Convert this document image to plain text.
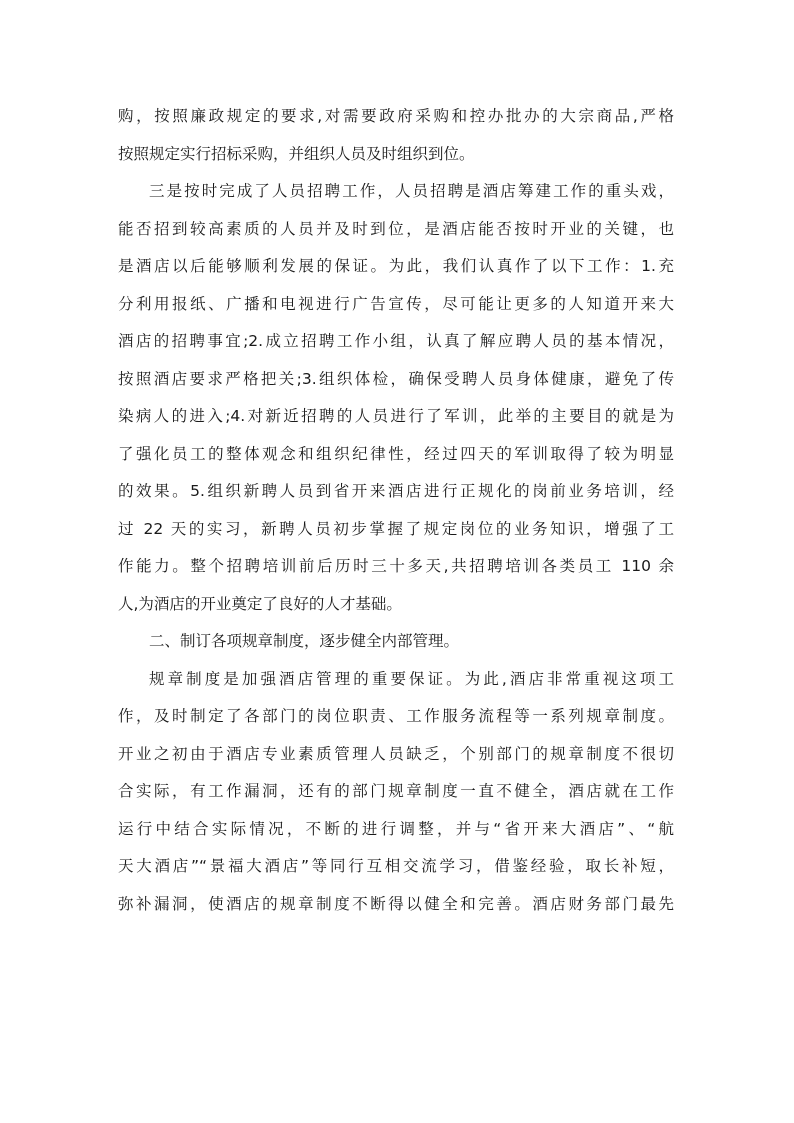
购，按照廉政规定的要求,对需要政府采购和控办批办的大宗商品,严格
按照规定实行招标采购，并组织人员及时组织到位。
三是按时完成了人员招聘工作，人员招聘是酒店筹建工作的重头戏，
能否招到较高素质的人员并及时到位，是酒店能否按时开业的关键，也
是酒店以后能够顺利发展的保证。为此，我们认真作了以下工作：1.充
分利用报纸、广播和电视进行广告宣传，尽可能让更多的人知道开来大
酒店的招聘事宜;2.成立招聘工作小组，认真了解应聘人员的基本情况，
按照酒店要求严格把关;3.组织体检，确保受聘人员身体健康，避免了传
染病人的进入;4.对新近招聘的人员进行了军训，此举的主要目的就是为
了强化员工的整体观念和组织纪律性，经过四天的军训取得了较为明显
的效果。5.组织新聘人员到省开来酒店进行正规化的岗前业务培训，经
过 22 天的实习，新聘人员初步掌握了规定岗位的业务知识，增强了工
作能力。整个招聘培训前后历时三十多天,共招聘培训各类员工 110 余
人,为酒店的开业奠定了良好的人才基础。
二、制订各项规章制度，逐步健全内部管理。
规章制度是加强酒店管理的重要保证。为此,酒店非常重视这项工
作，及时制定了各部门的岗位职责、工作服务流程等一系列规章制度。
开业之初由于酒店专业素质管理人员缺乏，个别部门的规章制度不很切
合实际，有工作漏洞，还有的部门规章制度一直不健全，酒店就在工作
运行中结合实际情况，不断的进行调整，并与“省开来大酒店”、“航
天大酒店”“景福大酒店”等同行互相交流学习，借鉴经验，取长补短，
弥补漏洞，使酒店的规章制度不断得以健全和完善。酒店财务部门最先
